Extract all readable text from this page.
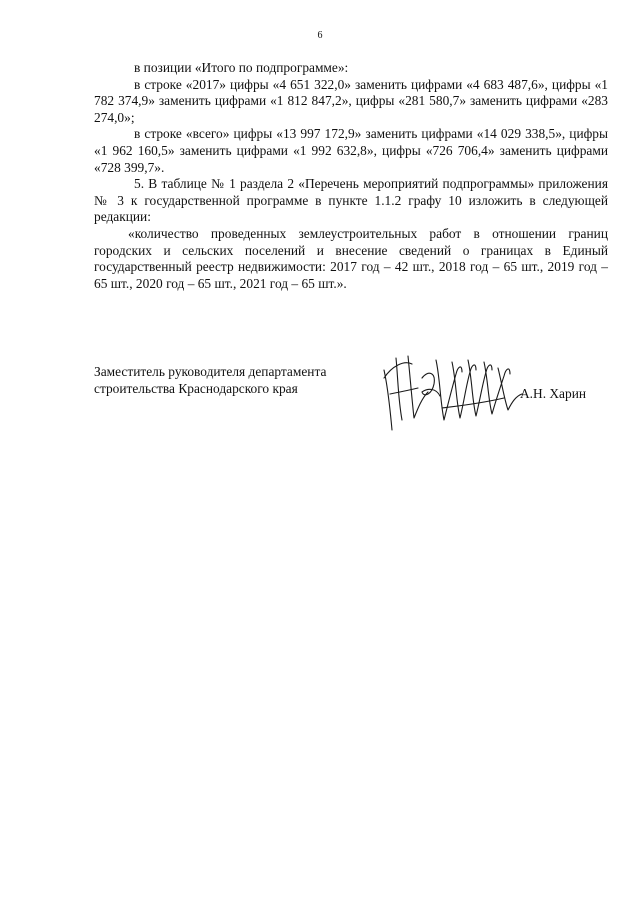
6

в позиции «Итого по подпрограмме»:

в строке «2017» цифры «4 651 322,0» заменить цифрами «4 683 487,6», цифры «1 782 374,9» заменить цифрами «1 812 847,2», цифры «281 580,7» заменить цифрами «283 274,0»;

в строке «всего» цифры «13 997 172,9» заменить цифрами «14 029 338,5», цифры «1 962 160,5» заменить цифрами «1 992 632,8», цифры «726 706,4» заменить цифрами «728 399,7».

5. В таблице № 1 раздела 2 «Перечень мероприятий подпрограммы» приложения № 3 к государственной программе в пункте 1.1.2 графу 10 изложить в следующей редакции:

«количество проведенных землеустроительных работ в отношении границ городских и сельских поселений и внесение сведений о границах в Единый государственный реестр недвижимости: 2017 год – 42 шт., 2018 год – 65 шт., 2019 год – 65 шт., 2020 год – 65 шт., 2021 год – 65 шт.».

Заместитель руководителя департамента
строительства Краснодарского края	А.Н. Харин
